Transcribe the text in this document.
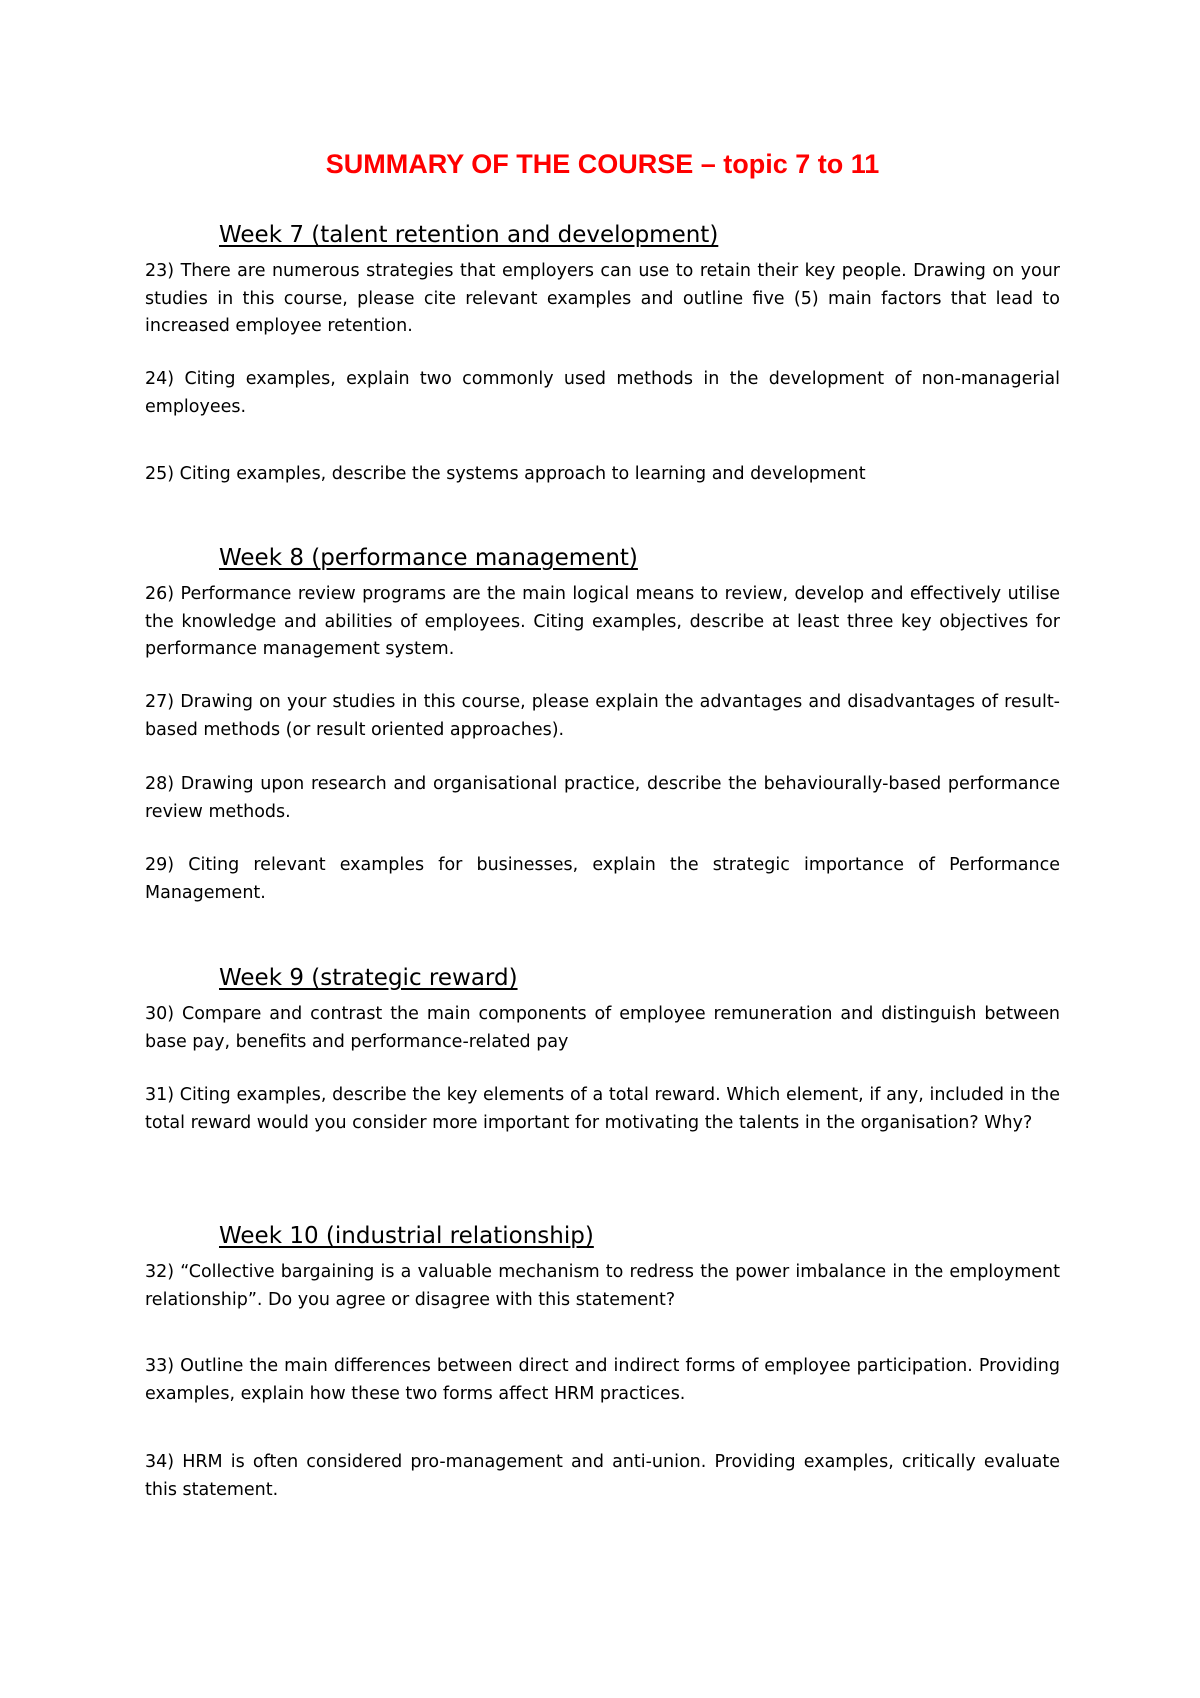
SUMMARY OF THE COURSE – topic 7 to 11
Week 7 (talent retention and development)
23) There are numerous strategies that employers can use to retain their key people. Drawing on your studies in this course, please cite relevant examples and outline five (5) main factors that lead to increased employee retention.
24) Citing examples, explain two commonly used methods in the development of non-managerial employees.
25) Citing examples, describe the systems approach to learning and development
Week 8 (performance management)
26) Performance review programs are the main logical means to review, develop and effectively utilise the knowledge and abilities of employees. Citing examples, describe at least three key objectives for performance management system.
27) Drawing on your studies in this course, please explain the advantages and disadvantages of result-based methods (or result oriented approaches).
28) Drawing upon research and organisational practice, describe the behaviourally-based performance review methods.
29) Citing relevant examples for businesses, explain the strategic importance of Performance Management.
Week 9 (strategic reward)
30) Compare and contrast the main components of employee remuneration and distinguish between base pay, benefits and performance-related pay
31) Citing examples, describe the key elements of a total reward. Which element, if any, included in the total reward would you consider more important for motivating the talents in the organisation? Why?
Week 10 (industrial relationship)
32) “Collective bargaining is a valuable mechanism to redress the power imbalance in the employment relationship”. Do you agree or disagree with this statement?
33) Outline the main differences between direct and indirect forms of employee participation. Providing examples, explain how these two forms affect HRM practices.
34) HRM is often considered pro-management and anti-union. Providing examples, critically evaluate this statement.
